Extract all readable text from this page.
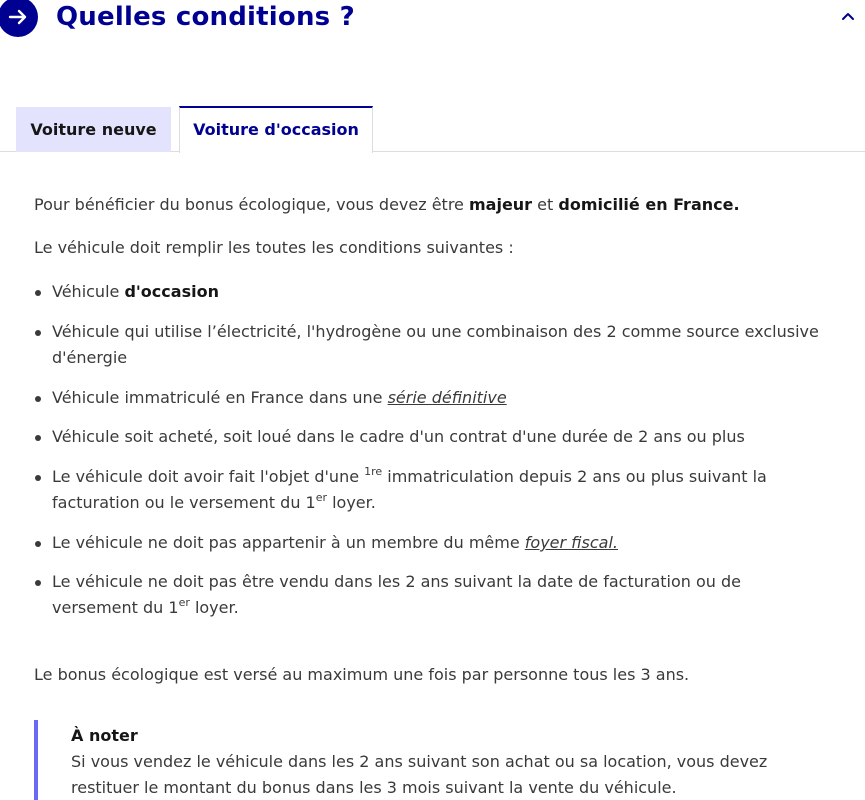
Quelles conditions ?
Voiture neuve	Voiture d'occasion
Pour bénéficier du bonus écologique, vous devez être majeur et domicilié en France.
Le véhicule doit remplir les toutes les conditions suivantes :
Véhicule d'occasion
Véhicule qui utilise l’électricité, l'hydrogène ou une combinaison des 2 comme source exclusive d'énergie
Véhicule immatriculé en France dans une série définitive
Véhicule soit acheté, soit loué dans le cadre d'un contrat d'une durée de 2 ans ou plus
Le véhicule doit avoir fait l'objet d'une $^{1re}$ immatriculation depuis 2 ans ou plus suivant la facturation ou le versement du 1er loyer.
Le véhicule ne doit pas appartenir à un membre du même foyer fiscal.
Le véhicule ne doit pas être vendu dans les 2 ans suivant la date de facturation ou de versement du 1er loyer.
Le bonus écologique est versé au maximum une fois par personne tous les 3 ans.
À noter
Si vous vendez le véhicule dans les 2 ans suivant son achat ou sa location, vous devez restituer le montant du bonus dans les 3 mois suivant la vente du véhicule.
